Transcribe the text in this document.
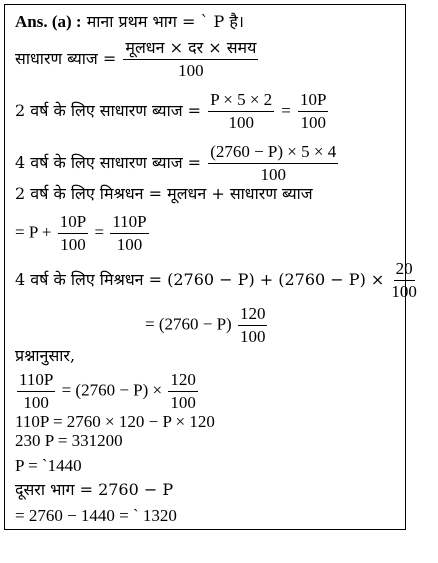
Ans. (a) : माना प्रथम भाग = ` P है।
साधारण ब्याज = $\frac{\text{मूलधन × दर × समय}}{100}$
2 वर्ष के लिए साधारण ब्याज = $\frac{P \times 5 \times 2}{100} = \frac{10P}{100}$
4 वर्ष के लिए साधारण ब्याज = $\frac{(2760 - P) \times 5 \times 4}{100}$
2 वर्ष के लिए मिश्रधन = मूलधन + साधारण ब्याज
= $P + \frac{10P}{100} = \frac{110P}{100}$
4 वर्ष के लिए मिश्रधन = $(2760 - P) + (2760 - P) \times \frac{20}{100}$
= $(2760 - P) \frac{120}{100}$
प्रश्नानुसार,
$\frac{110P}{100} = (2760 - P) \times \frac{120}{100}$
110P = 2760 × 120 − P × 120
230 P = 331200
P = `1440
दूसरा भाग = 2760 − P
= 2760 − 1440 = ` 1320
